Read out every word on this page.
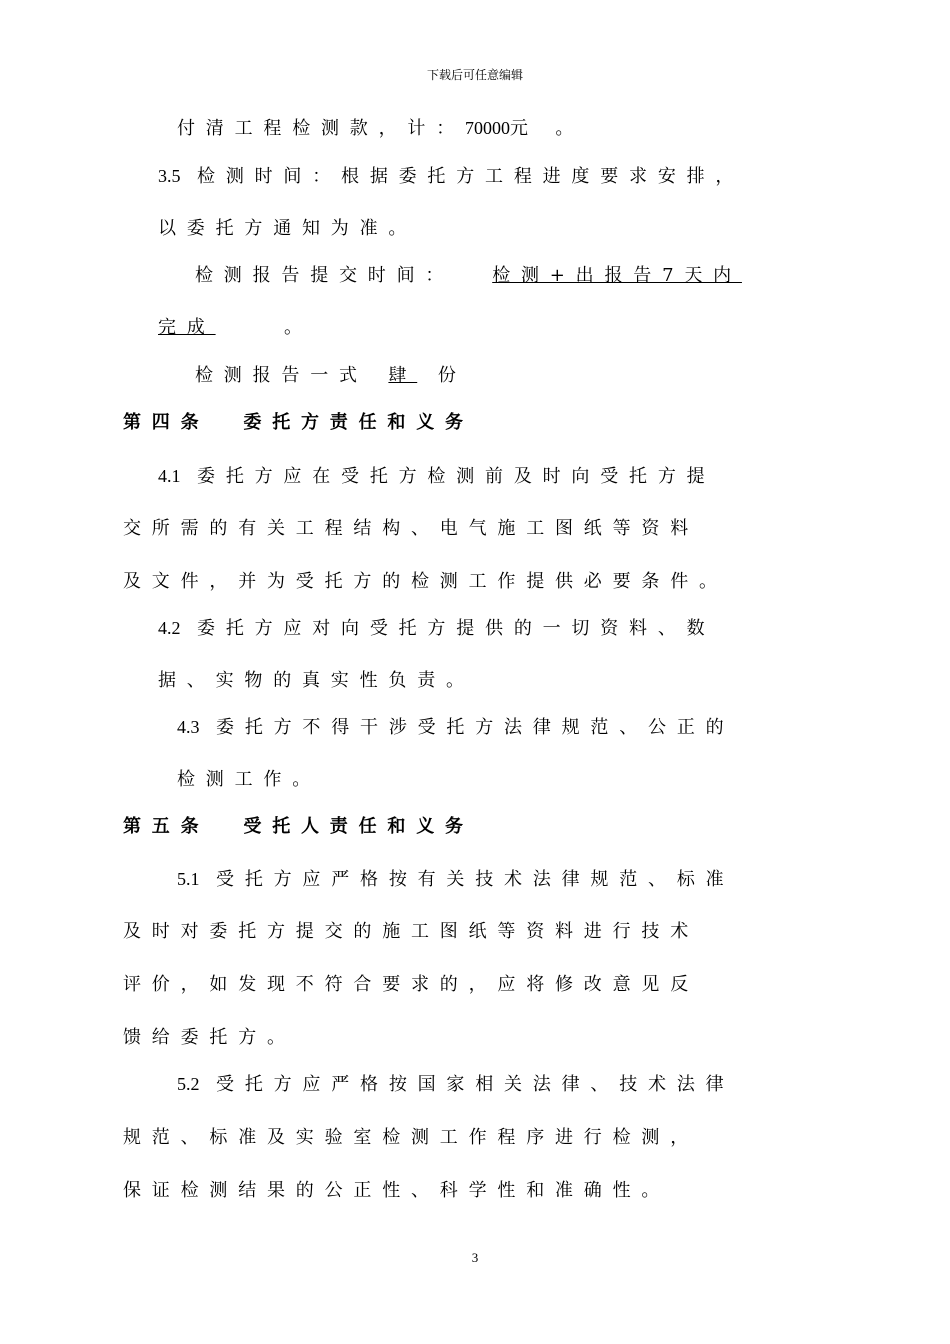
下载后可任意编辑
付清工程检测款，计：70000元 。
3.5 检测时间：根据委托方工程进度要求安排，
以委托方通知为准。
检测报告提交时间： 检测+出报告7天内
完成	。
检测报告一式 肆 份
第四条 委托方责任和义务
4.1 委托方应在受托方检测前及时向受托方提
交所需的有关工程结构、电气施工图纸等资料
及文件，并为受托方的检测工作提供必要条件。
4.2 委托方应对向受托方提供的一切资料、数
据、实物的真实性负责。
4.3 委托方不得干涉受托方法律规范、公正的
检测工作。
第五条 受托人责任和义务
5.1 受托方应严格按有关技术法律规范、标准
及时对委托方提交的施工图纸等资料进行技术
评价，如发现不符合要求的，应将修改意见反
馈给委托方。
5.2 受托方应严格按国家相关法律、技术法律
规范、标准及实验室检测工作程序进行检测，
保证检测结果的公正性、科学性和准确性。
3
